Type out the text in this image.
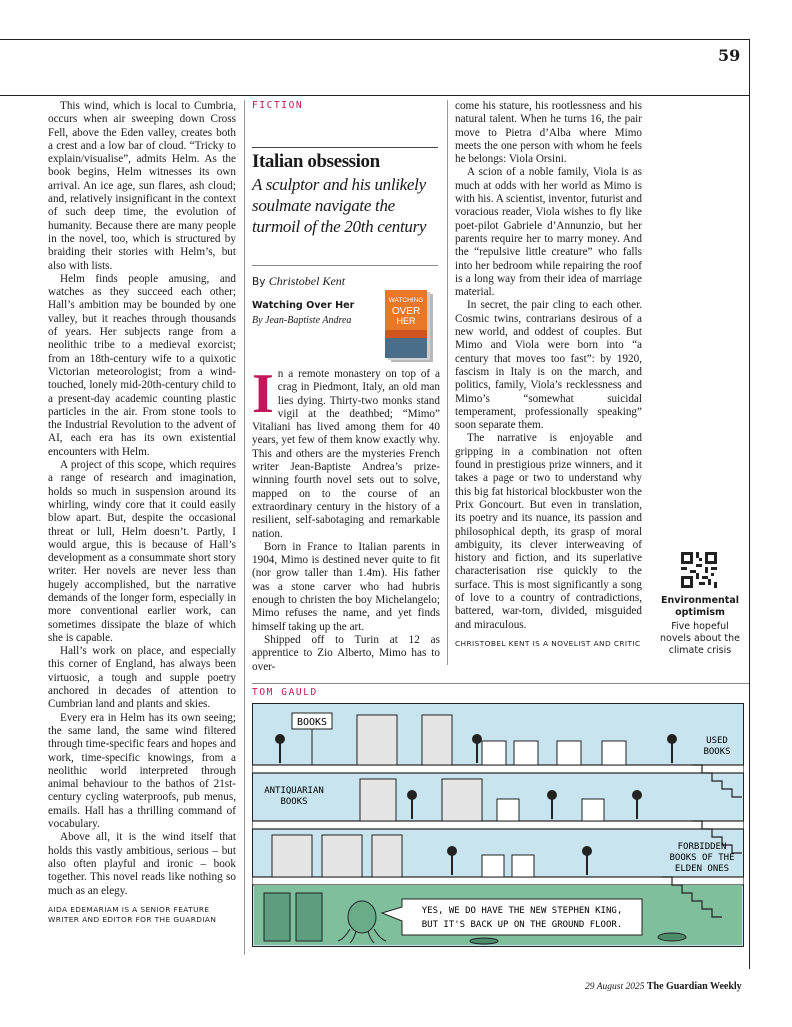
59

This wind, which is local to Cumbria, occurs when air sweeping down Cross Fell, above the Eden valley, creates both a crest and a low bar of cloud. “Tricky to explain/visualise”, admits Helm. As the book begins, Helm witnesses its own arrival. An ice age, sun flares, ash cloud; and, relatively insignificant in the context of such deep time, the evolution of humanity. Because there are many people in the novel, too, which is structured by braiding their stories with Helm’s, but also with lists.

Helm finds people amusing, and watches as they succeed each other; Hall’s ambition may be bounded by one valley, but it reaches through thousands of years. Her subjects range from a neolithic tribe to a medieval exorcist; from an 18th-century wife to a quixotic Victorian meteorologist; from a wind-touched, lonely mid-20th-century child to a present-day academic counting plastic particles in the air. From stone tools to the Industrial Revolution to the advent of AI, each era has its own existential encounters with Helm.

A project of this scope, which requires a range of research and imagination, holds so much in suspension around its whirling, windy core that it could easily blow apart. But, despite the occasional threat or lull, Helm doesn’t. Partly, I would argue, this is because of Hall’s development as a consummate short story writer. Her novels are never less than hugely accomplished, but the narrative demands of the longer form, especially in more conventional earlier work, can sometimes dissipate the blaze of which she is capable.

Hall’s work on place, and especially this corner of England, has always been virtuosic, a tough and supple poetry anchored in decades of attention to Cumbrian land and plants and skies.

Every era in Helm has its own seeing; the same land, the same wind filtered through time-specific fears and hopes and work, time-specific knowings, from a neolithic world interpreted through animal behaviour to the bathos of 21st-century cycling waterproofs, pub menus, emails. Hall has a thrilling command of vocabulary.

Above all, it is the wind itself that holds this vastly ambitious, serious – but also often playful and ironic – book together. This novel reads like nothing so much as an elegy.

AIDA EDEMARIAM IS A SENIOR FEATURE WRITER AND EDITOR FOR THE GUARDIAN

FICTION
Italian obsession
A sculptor and his unlikely soulmate navigate the turmoil of the 20th century
By Christobel Kent
Watching Over Her
By Jean-Baptiste Andrea
WATCHING
OVER
HER

In a remote monastery on top of a crag in Piedmont, Italy, an old man lies dying. Thirty-two monks stand vigil at the deathbed; “Mimo” Vitaliani has lived among them for 40 years, yet few of them know exactly why. This and others are the mysteries French writer Jean-Baptiste Andrea’s prize-winning fourth novel sets out to solve, mapped on to the course of an extraordinary century in the history of a resilient, self-sabotaging and remarkable nation.

Born in France to Italian parents in 1904, Mimo is destined never quite to fit (nor grow taller than 1.4m). His father was a stone carver who had hubris enough to christen the boy Michelangelo; Mimo refuses the name, and yet finds himself taking up the art.

Shipped off to Turin at 12 as apprentice to Zio Alberto, Mimo has to over-

come his stature, his rootlessness and his natural talent. When he turns 16, the pair move to Pietra d’Alba where Mimo meets the one person with whom he feels he belongs: Viola Orsini.

A scion of a noble family, Viola is as much at odds with her world as Mimo is with his. A scientist, inventor, futurist and voracious reader, Viola wishes to fly like poet-pilot Gabriele d’Annunzio, but her parents require her to marry money. And the “repulsive little creature” who falls into her bedroom while repairing the roof is a long way from their idea of marriage material.

In secret, the pair cling to each other. Cosmic twins, contrarians desirous of a new world, and oddest of couples. But Mimo and Viola were born into “a century that moves too fast”: by 1920, fascism in Italy is on the march, and politics, family, Viola’s recklessness and Mimo’s “somewhat suicidal temperament, professionally speaking” soon separate them.

The narrative is enjoyable and gripping in a combination not often found in prestigious prize winners, and it takes a page or two to understand why this big fat historical blockbuster won the Prix Goncourt. But even in translation, its poetry and its nuance, its passion and philosophical depth, its grasp of moral ambiguity, its clever interweaving of history and fiction, and its superlative characterisation rise quickly to the surface. This is most significantly a song of love to a country of contradictions, battered, war-torn, divided, misguided and miraculous.

CHRISTOBEL KENT IS A NOVELIST AND CRITIC

Environmental optimism
Five hopeful novels about the climate crisis
TOM GAULD
BOOKS
USED
BOOKS
ANTIQUARIAN
BOOKS
FORBIDDEN
BOOKS OF THE
ELDEN ONES
YES, WE DO HAVE THE NEW STEPHEN KING,
BUT IT'S BACK UP ON THE GROUND FLOOR.
29 August 2025 The Guardian Weekly
